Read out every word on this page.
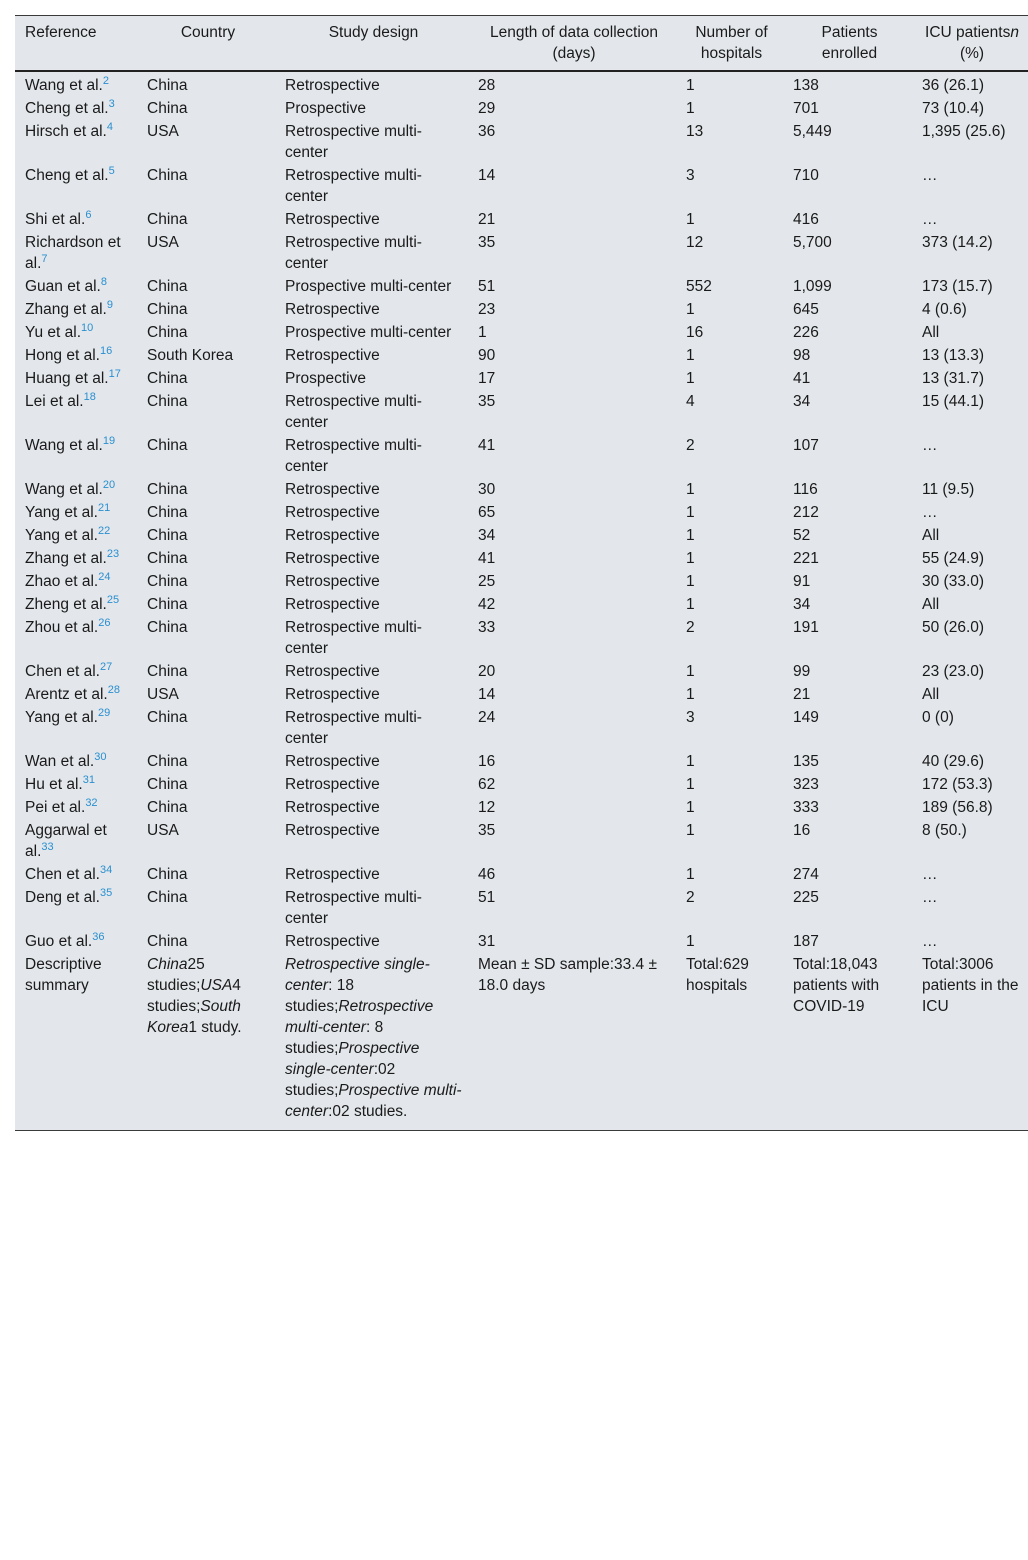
Reference	Country	Study design	Length of data collection (days)	Number of hospitals	Patients enrolled	ICU patientsn (%)
Wang et al.$^2$	China	Retrospective	28	1	138	36 (26.1)
Cheng et al.$^3$	China	Prospective	29	1	701	73 (10.4)
Hirsch et al.$^4$	USA	Retrospective multi-center	36	13	5,449	1,395 (25.6)
Cheng et al.$^5$	China	Retrospective multi-center	14	3	710	…
Shi et al.$^6$	China	Retrospective	21	1	416	…
Richardson et al.$^7$	USA	Retrospective multi-center	35	12	5,700	373 (14.2)
Guan et al.$^8$	China	Prospective multi-center	51	552	1,099	173 (15.7)
Zhang et al.$^9$	China	Retrospective	23	1	645	4 (0.6)
Yu et al.$^{10}$	China	Prospective multi-center	1	16	226	All
Hong et al.$^{16}$	South Korea	Retrospective	90	1	98	13 (13.3)
Huang et al.$^{17}$	China	Prospective	17	1	41	13 (31.7)
Lei et al.$^{18}$	China	Retrospective multi-center	35	4	34	15 (44.1)
Wang et al.$^{19}$	China	Retrospective multi-center	41	2	107	…
Wang et al.$^{20}$	China	Retrospective	30	1	116	11 (9.5)
Yang et al.$^{21}$	China	Retrospective	65	1	212	…
Yang et al.$^{22}$	China	Retrospective	34	1	52	All
Zhang et al.$^{23}$	China	Retrospective	41	1	221	55 (24.9)
Zhao et al.$^{24}$	China	Retrospective	25	1	91	30 (33.0)
Zheng et al.$^{25}$	China	Retrospective	42	1	34	All
Zhou et al.$^{26}$	China	Retrospective multi-center	33	2	191	50 (26.0)
Chen et al.$^{27}$	China	Retrospective	20	1	99	23 (23.0)
Arentz et al.$^{28}$	USA	Retrospective	14	1	21	All
Yang et al.$^{29}$	China	Retrospective multi-center	24	3	149	0 (0)
Wan et al.$^{30}$	China	Retrospective	16	1	135	40 (29.6)
Hu et al.$^{31}$	China	Retrospective	62	1	323	172 (53.3)
Pei et al.$^{32}$	China	Retrospective	12	1	333	189 (56.8)
Aggarwal et al.$^{33}$	USA	Retrospective	35	1	16	8 (50.)
Chen et al.$^{34}$	China	Retrospective	46	1	274	…
Deng et al.$^{35}$	China	Retrospective multi-center	51	2	225	…
Guo et al.$^{36}$	China	Retrospective	31	1	187	…
Descriptive summary	China25 studies;USA4 studies;South Korea1 study.	Retrospective single-center: 18 studies;Retrospective multi-center: 8 studies;Prospective single-center:02 studies;Prospective multi-center:02 studies.	Mean ± SD sample:33.4 ± 18.0 days	Total:629 hospitals	Total:18,043 patients with COVID-19	Total:3006 patients in the ICU
